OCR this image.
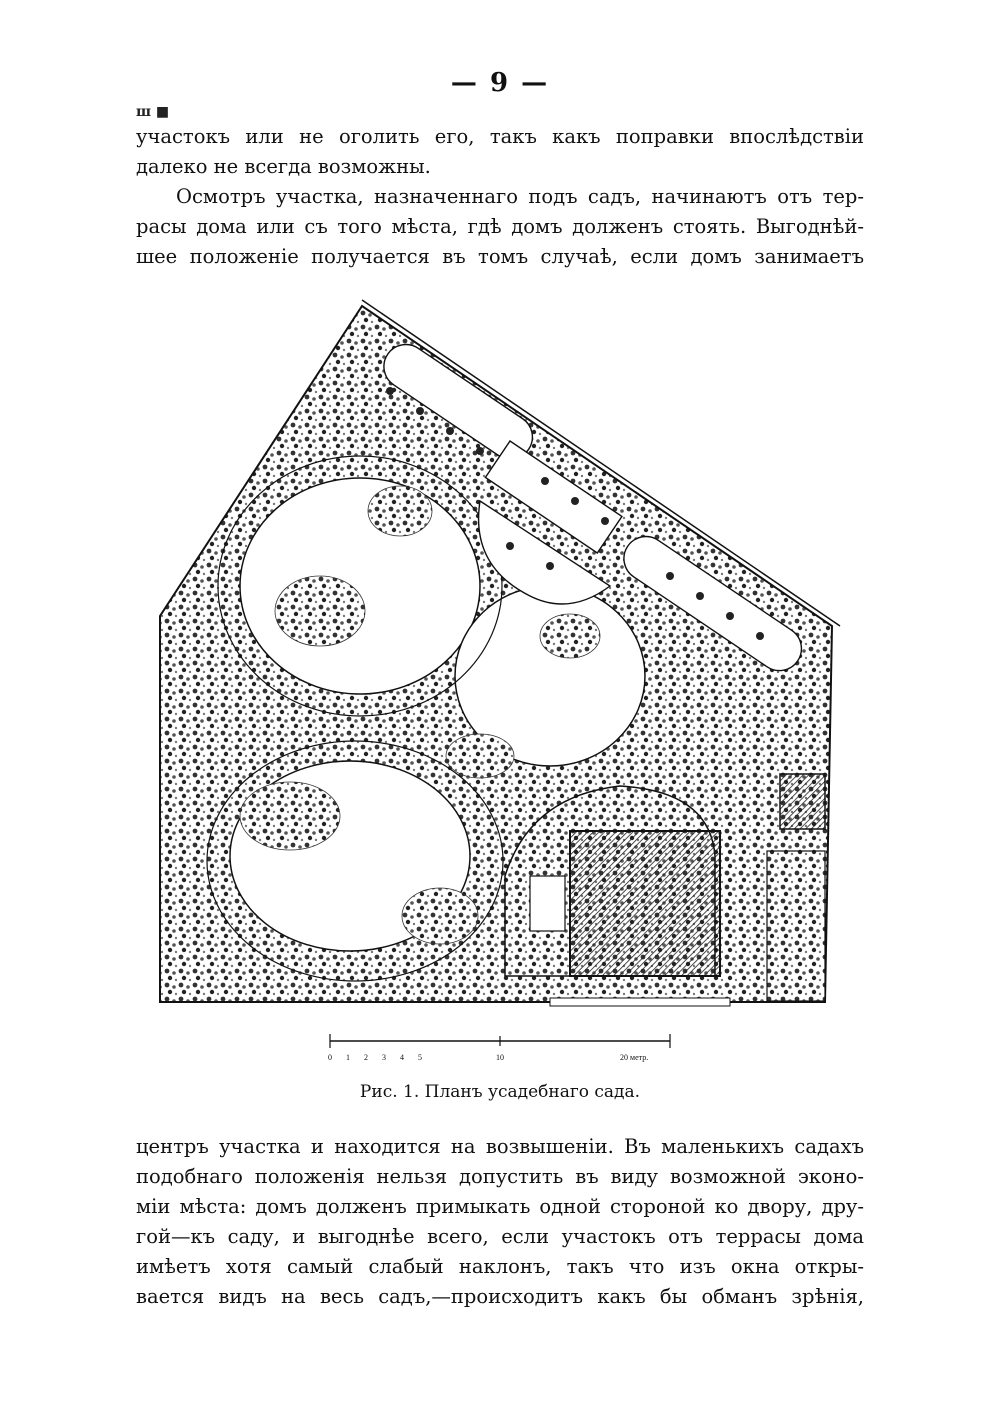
— 9 —
ш ■
участокъ или не оголить его, такъ какъ поправки впослѣдствіи
далеко не всегда возможны.
Осмотръ участка, назначеннаго подъ садъ, начинаютъ отъ тер-
расы дома или съ того мѣста, гдѣ домъ долженъ стоять. Выгоднѣй-
шее положеніе получается въ томъ случаѣ, если домъ занимаетъ
0 1 2 3 4 5	10	20 метр.
Рис. 1. Планъ усадебнаго сада.
центръ участка и находится на возвышеніи. Въ маленькихъ садахъ
подобнаго положенія нельзя допустить въ виду возможной эконо-
міи мѣста: домъ долженъ примыкать одной стороной ко двору, дру-
гой—къ саду, и выгоднѣе всего, если участокъ отъ террасы дома
имѣетъ хотя самый слабый наклонъ, такъ что изъ окна откры-
вается видъ на весь садъ,—происходитъ какъ бы обманъ зрѣнія,
